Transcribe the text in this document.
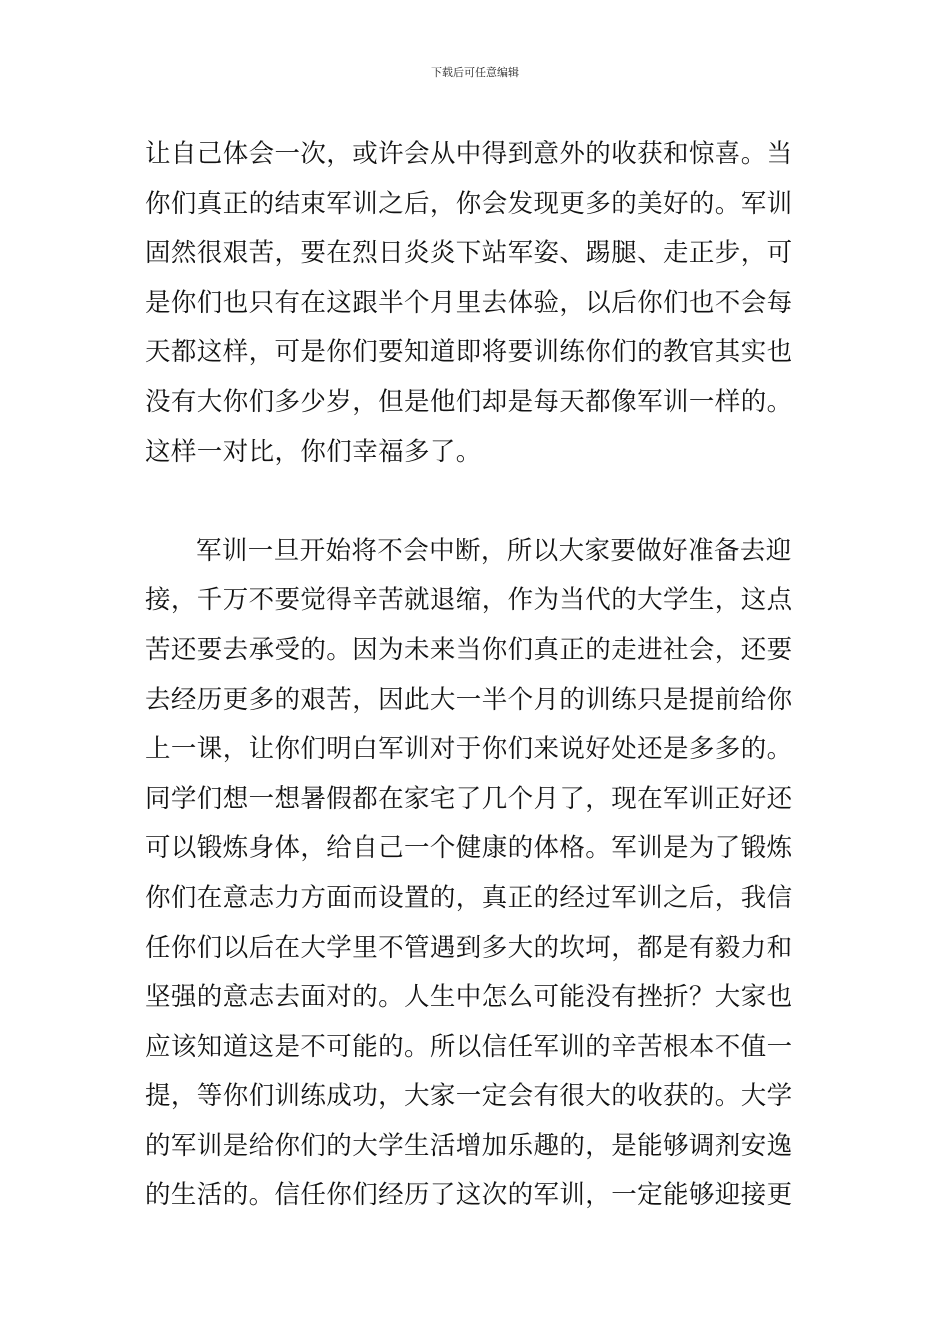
下载后可任意编辑
让自己体会一次，或许会从中得到意外的收获和惊喜。当
你们真正的结束军训之后，你会发现更多的美好的。军训
固然很艰苦，要在烈日炎炎下站军姿、踢腿、走正步，可
是你们也只有在这跟半个月里去体验，以后你们也不会每
天都这样，可是你们要知道即将要训练你们的教官其实也
没有大你们多少岁，但是他们却是每天都像军训一样的。
这样一对比，你们幸福多了。
军训一旦开始将不会中断，所以大家要做好准备去迎
接，千万不要觉得辛苦就退缩，作为当代的大学生，这点
苦还要去承受的。因为未来当你们真正的走进社会，还要
去经历更多的艰苦，因此大一半个月的训练只是提前给你
上一课，让你们明白军训对于你们来说好处还是多多的。
同学们想一想暑假都在家宅了几个月了，现在军训正好还
可以锻炼身体，给自己一个健康的体格。军训是为了锻炼
你们在意志力方面而设置的，真正的经过军训之后，我信
任你们以后在大学里不管遇到多大的坎坷，都是有毅力和
坚强的意志去面对的。人生中怎么可能没有挫折？大家也
应该知道这是不可能的。所以信任军训的辛苦根本不值一
提，等你们训练成功，大家一定会有很大的收获的。大学
的军训是给你们的大学生活增加乐趣的，是能够调剂安逸
的生活的。信任你们经历了这次的军训，一定能够迎接更
